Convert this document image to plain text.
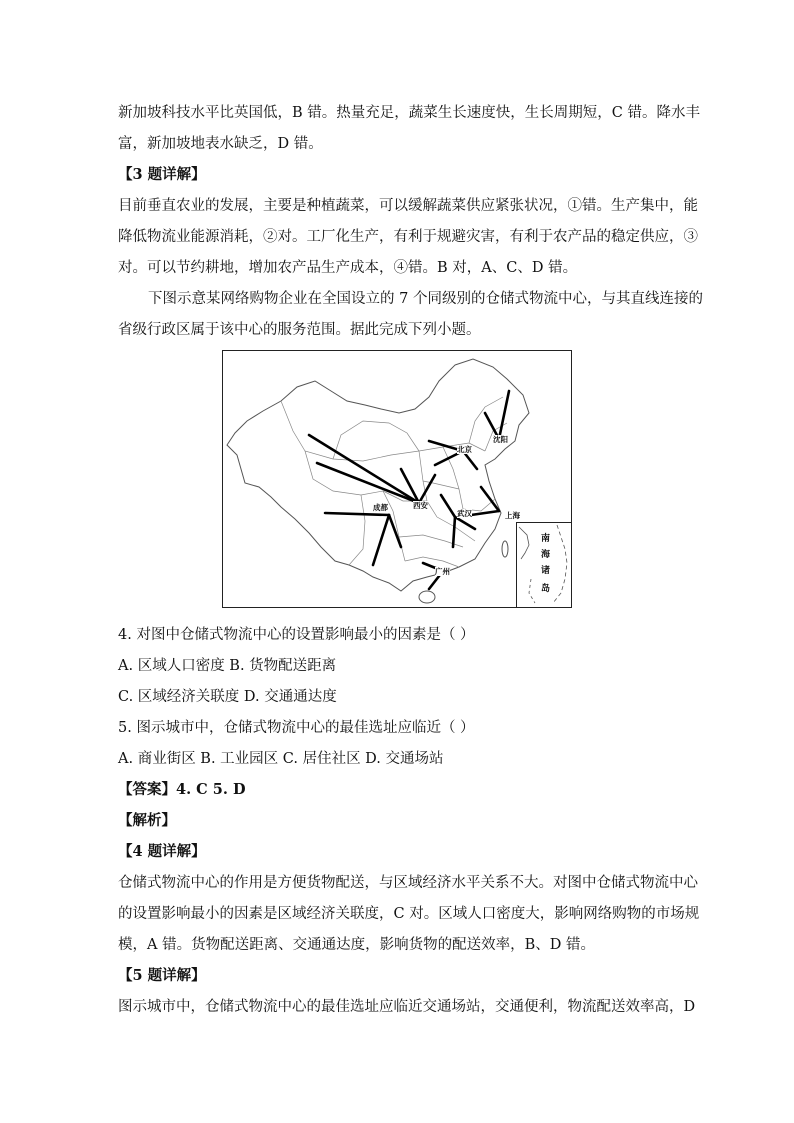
新加坡科技水平比英国低，B 错。热量充足，蔬菜生长速度快，生长周期短，C 错。降水丰
富，新加坡地表水缺乏，D 错。
【3 题详解】
目前垂直农业的发展，主要是种植蔬菜，可以缓解蔬菜供应紧张状况，①错。生产集中，能
降低物流业能源消耗，②对。工厂化生产，有利于规避灾害，有利于农产品的稳定供应，③
对。可以节约耕地，增加农产品生产成本，④错。B 对，A、C、D 错。
下图示意某网络购物企业在全国设立的 7 个同级别的仓储式物流中心，与其直线连接的
省级行政区属于该中心的服务范围。据此完成下列小题。
沈阳
北京
西安
成都
武汉	上海
广州
南
海
诸
岛
4. 对图中仓储式物流中心的设置影响最小的因素是（ ）
A. 区域人口密度 B. 货物配送距离
C. 区域经济关联度 D. 交通通达度
5. 图示城市中，仓储式物流中心的最佳选址应临近（ ）
A. 商业街区 B. 工业园区 C. 居住社区 D. 交通场站
【答案】4. C 5. D
【解析】
【4 题详解】
仓储式物流中心的作用是方便货物配送，与区域经济水平关系不大。对图中仓储式物流中心
的设置影响最小的因素是区域经济关联度，C 对。区域人口密度大，影响网络购物的市场规
模，A 错。货物配送距离、交通通达度，影响货物的配送效率，B、D 错。
【5 题详解】
图示城市中，仓储式物流中心的最佳选址应临近交通场站，交通便利，物流配送效率高，D
